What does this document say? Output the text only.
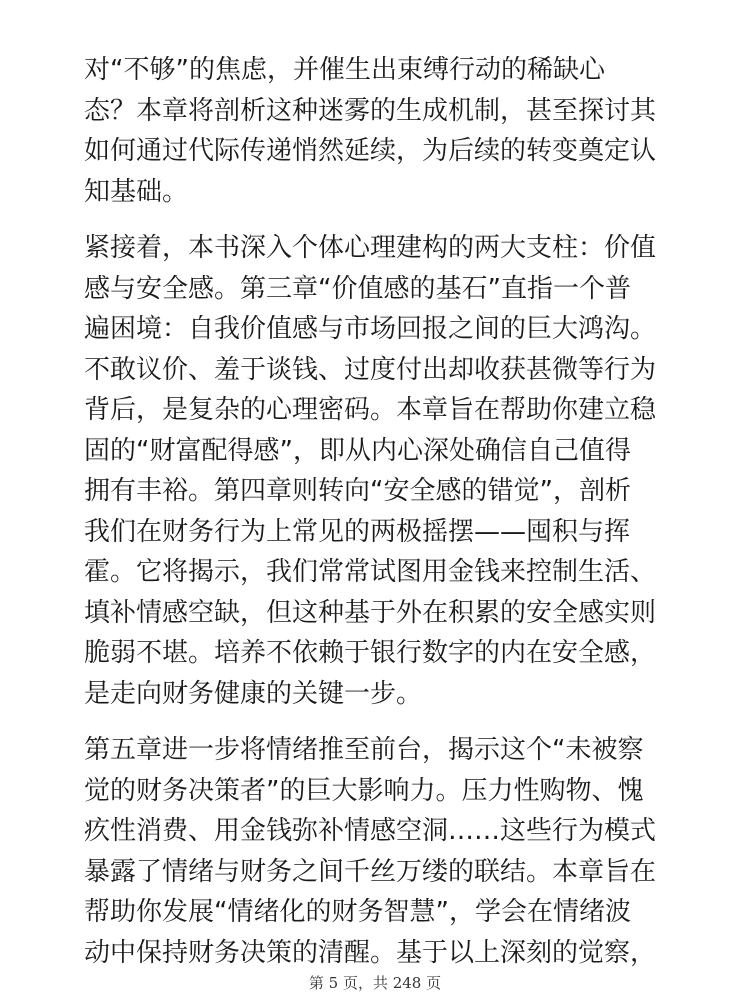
对“不够”的焦虑，并催生出束缚行动的稀缺心
态？本章将剖析这种迷雾的生成机制，甚至探讨其
如何通过代际传递悄然延续，为后续的转变奠定认
知基础。
紧接着，本书深入个体心理建构的两大支柱：价值
感与安全感。第三章“价值感的基石”直指一个普
遍困境：自我价值感与市场回报之间的巨大鸿沟。
不敢议价、羞于谈钱、过度付出却收获甚微等行为
背后，是复杂的心理密码。本章旨在帮助你建立稳
固的“财富配得感”，即从内心深处确信自己值得
拥有丰裕。第四章则转向“安全感的错觉”，剖析
我们在财务行为上常见的两极摇摆——囤积与挥
霍。它将揭示，我们常常试图用金钱来控制生活、
填补情感空缺，但这种基于外在积累的安全感实则
脆弱不堪。培养不依赖于银行数字的内在安全感，
是走向财务健康的关键一步。
第五章进一步将情绪推至前台，揭示这个“未被察
觉的财务决策者”的巨大影响力。压力性购物、愧
疚性消费、用金钱弥补情感空洞……这些行为模式
暴露了情绪与财务之间千丝万缕的联结。本章旨在
帮助你发展“情绪化的财务智慧”，学会在情绪波
动中保持财务决策的清醒。基于以上深刻的觉察，
第 5 页，共 248 页
